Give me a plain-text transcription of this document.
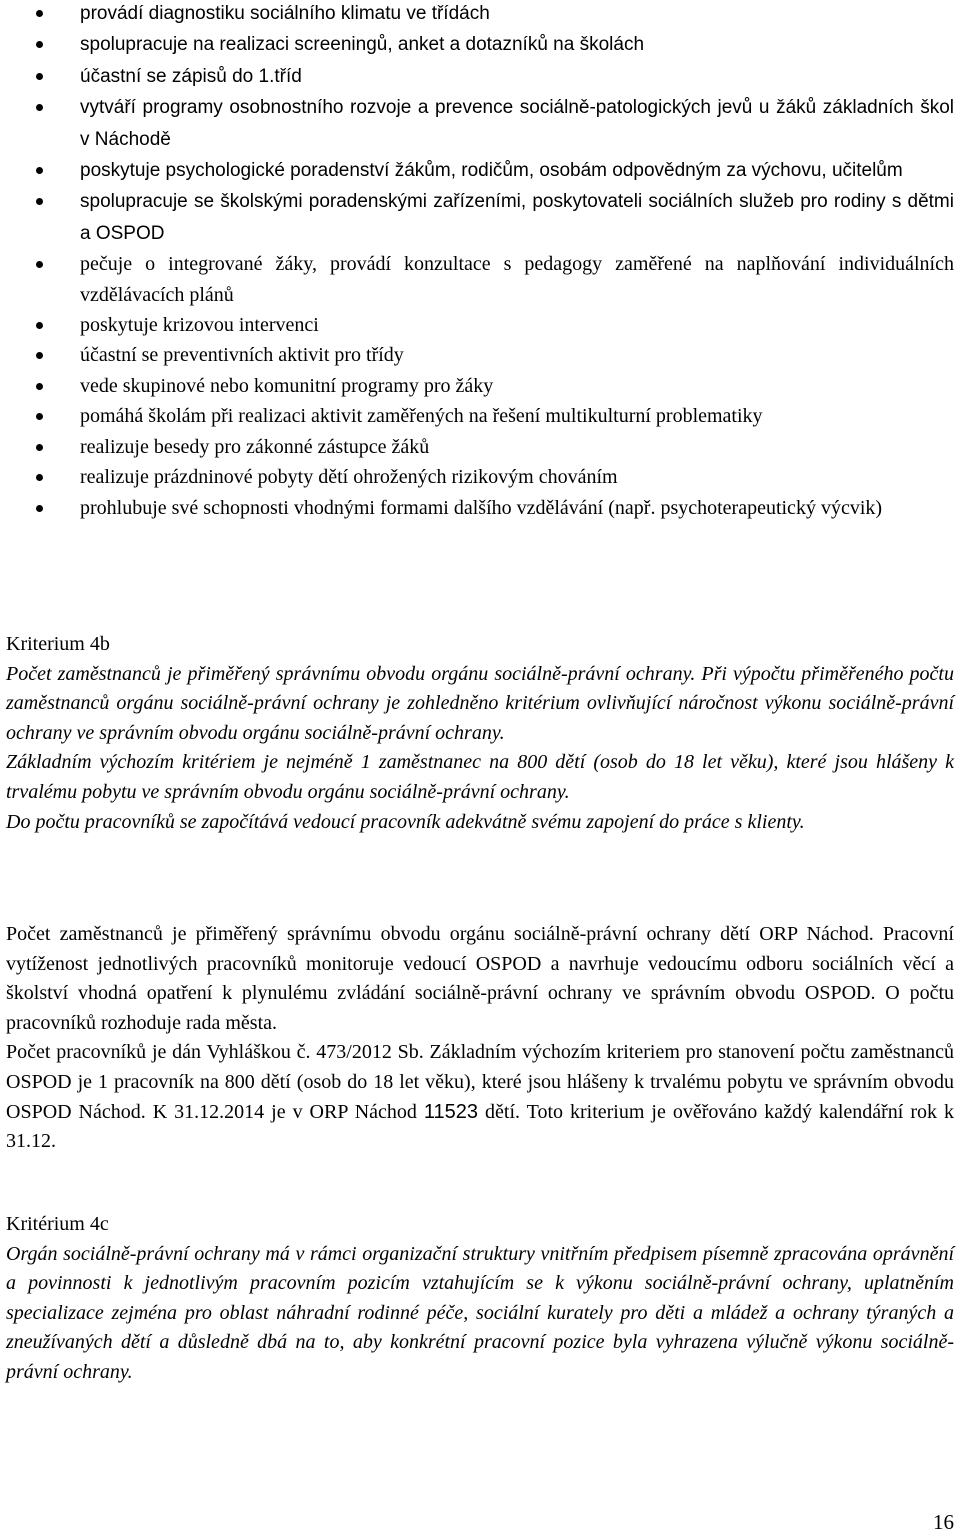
provádí diagnostiku sociálního klimatu ve třídách
spolupracuje na realizaci screeningů, anket a dotazníků na školách
účastní se zápisů do 1.tříd
vytváří programy osobnostního rozvoje a prevence sociálně-patologických jevů u žáků základních škol v Náchodě
poskytuje psychologické poradenství žákům, rodičům, osobám odpovědným za výchovu, učitelům
spolupracuje se školskými poradenskými zařízeními, poskytovateli sociálních služeb pro rodiny s dětmi a OSPOD
pečuje o integrované žáky, provádí konzultace s pedagogy zaměřené na naplňování individuálních vzdělávacích plánů
poskytuje krizovou intervenci
účastní se preventivních aktivit pro třídy
vede skupinové nebo komunitní programy pro žáky
pomáhá školám při realizaci aktivit zaměřených na řešení multikulturní problematiky
realizuje besedy pro zákonné zástupce žáků
realizuje prázdninové pobyty dětí ohrožených rizikovým chováním
prohlubuje své schopnosti vhodnými formami dalšího vzdělávání (např. psychoterapeutický výcvik)

Kriterium 4b

Počet zaměstnanců je přiměřený správnímu obvodu orgánu sociálně-právní ochrany. Při výpočtu přiměřeného počtu zaměstnanců orgánu sociálně-právní ochrany je zohledněno kritérium ovlivňující náročnost výkonu sociálně-právní ochrany ve správním obvodu orgánu sociálně-právní ochrany.

Základním výchozím kritériem je nejméně 1 zaměstnanec na 800 dětí (osob do 18 let věku), které jsou hlášeny k trvalému pobytu ve správním obvodu orgánu sociálně-právní ochrany.

Do počtu pracovníků se započítává vedoucí pracovník adekvátně svému zapojení do práce s klienty.

Počet zaměstnanců je přiměřený správnímu obvodu orgánu sociálně-právní ochrany dětí ORP Náchod. Pracovní vytíženost jednotlivých pracovníků monitoruje vedoucí OSPOD a navrhuje vedoucímu odboru sociálních věcí a školství vhodná opatření k plynulému zvládání sociálně-právní ochrany ve správním obvodu OSPOD. O počtu pracovníků rozhoduje rada města.

Počet pracovníků je dán Vyhláškou č. 473/2012 Sb. Základním výchozím kriteriem pro stanovení počtu zaměstnanců OSPOD je 1 pracovník na 800 dětí (osob do 18 let věku), které jsou hlášeny k trvalému pobytu ve správním obvodu OSPOD Náchod. K 31.12.2014 je v ORP Náchod 11523 dětí. Toto kriterium je ověřováno každý kalendářní rok k 31.12.

Kritérium 4c

Orgán sociálně-právní ochrany má v rámci organizační struktury vnitřním předpisem písemně zpracována oprávnění a povinnosti k jednotlivým pracovním pozicím vztahujícím se k výkonu sociálně-právní ochrany, uplatněním specializace zejména pro oblast náhradní rodinné péče, sociální kurately pro děti a mládež a ochrany týraných a zneužívaných dětí a důsledně dbá na to, aby konkrétní pracovní pozice byla vyhrazena výlučně výkonu sociálně-právní ochrany.

16
